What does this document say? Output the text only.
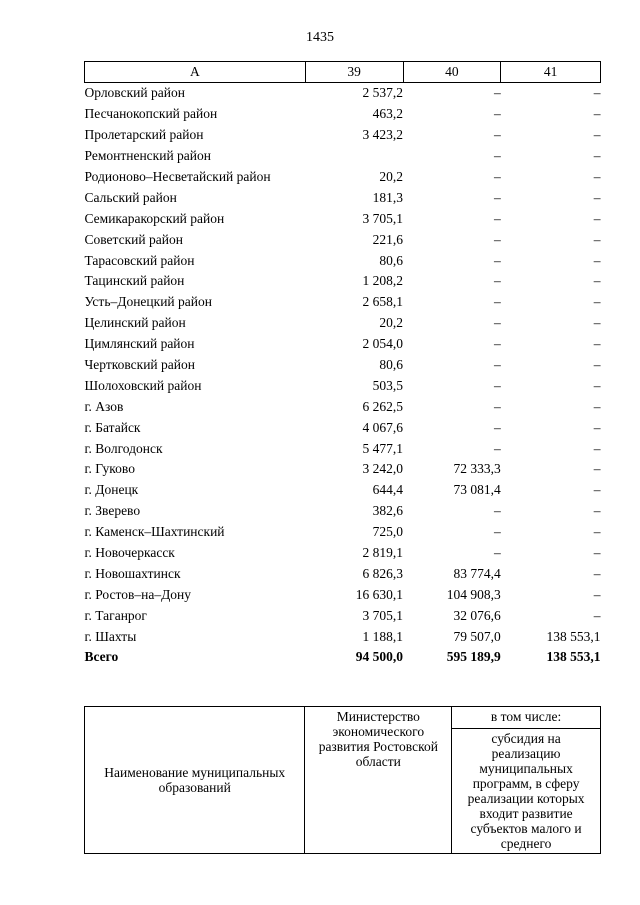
1435
А	39	40	41
Орловский район	2 537,2	–	–
Песчанокопский район	463,2	–	–
Пролетарский район	3 423,2	–	–
Ремонтненский район		–	–
Родионово–Несветайский район	20,2	–	–
Сальский район	181,3	–	–
Семикаракорский район	3 705,1	–	–
Советский район	221,6	–	–
Тарасовский район	80,6	–	–
Тацинский район	1 208,2	–	–
Усть–Донецкий район	2 658,1	–	–
Целинский район	20,2	–	–
Цимлянский район	2 054,0	–	–
Чертковский район	80,6	–	–
Шолоховский район	503,5	–	–
г. Азов	6 262,5	–	–
г. Батайск	4 067,6	–	–
г. Волгодонск	5 477,1	–	–
г. Гуково	3 242,0	72 333,3	–
г. Донецк	644,4	73 081,4	–
г. Зверево	382,6	–	–
г. Каменск–Шахтинский	725,0	–	–
г. Новочеркасск	2 819,1	–	–
г. Новошахтинск	6 826,3	83 774,4	–
г. Ростов–на–Дону	16 630,1	104 908,3	–
г. Таганрог	3 705,1	32 076,6	–
г. Шахты	1 188,1	79 507,0	138 553,1
Всего	94 500,0	595 189,9	138 553,1
Наименование муниципальных образований	Министерство экономического развития Ростовской области	в том числе:
субсидия на реализацию муниципальных программ, в сферу реализации которых входит развитие субъектов малого и среднего
